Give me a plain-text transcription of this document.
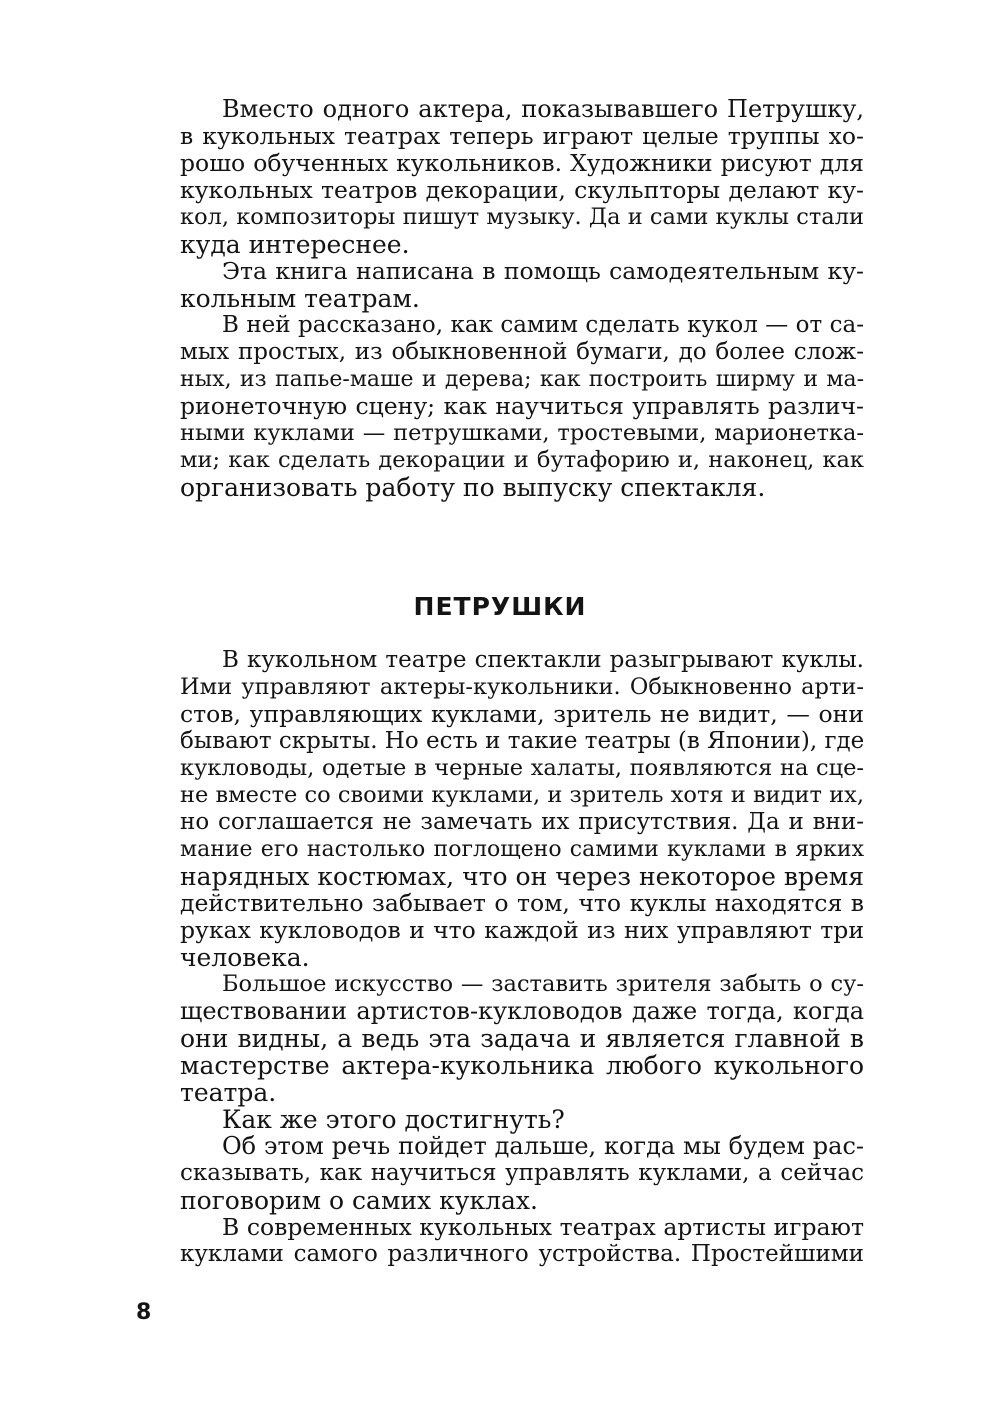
Вместо одного актера, показывавшего Петрушку,
в кукольных театрах теперь играют целые труппы хо-
рошо обученных кукольников. Художники рисуют для
кукольных театров декорации, скульпторы делают ку-
кол, композиторы пишут музыку. Да и сами куклы стали
куда интереснее.

Эта книга написана в помощь самодеятельным ку-
кольным театрам.

В ней рассказано, как самим сделать кукол — от са-
мых простых, из обыкновенной бумаги, до более слож-
ных, из папье-маше и дерева; как построить ширму и ма-
рионеточную сцену; как научиться управлять различ-
ными куклами — петрушками, тростевыми, марионетка-
ми; как сделать декорации и бутафорию и, наконец, как
организовать работу по выпуску спектакля.

ПЕТРУШКИ

В кукольном театре спектакли разыгрывают куклы.
Ими управляют актеры-кукольники. Обыкновенно арти-
стов, управляющих куклами, зритель не видит, — они
бывают скрыты. Но есть и такие театры (в Японии), где
кукловоды, одетые в черные халаты, появляются на сце-
не вместе со своими куклами, и зритель хотя и видит их,
но соглашается не замечать их присутствия. Да и вни-
мание его настолько поглощено самими куклами в ярких
нарядных костюмах, что он через некоторое время
действительно забывает о том, что куклы находятся в
руках кукловодов и что каждой из них управляют три
человека.

Большое искусство — заставить зрителя забыть о су-
ществовании артистов-кукловодов даже тогда, когда
они видны, а ведь эта задача и является главной в
мастерстве актера-кукольника любого кукольного
театра.

Как же этого достигнуть?

Об этом речь пойдет дальше, когда мы будем рас-
сказывать, как научиться управлять куклами, а сейчас
поговорим о самих куклах.

В современных кукольных театрах артисты играют
куклами самого различного устройства. Простейшими

8
